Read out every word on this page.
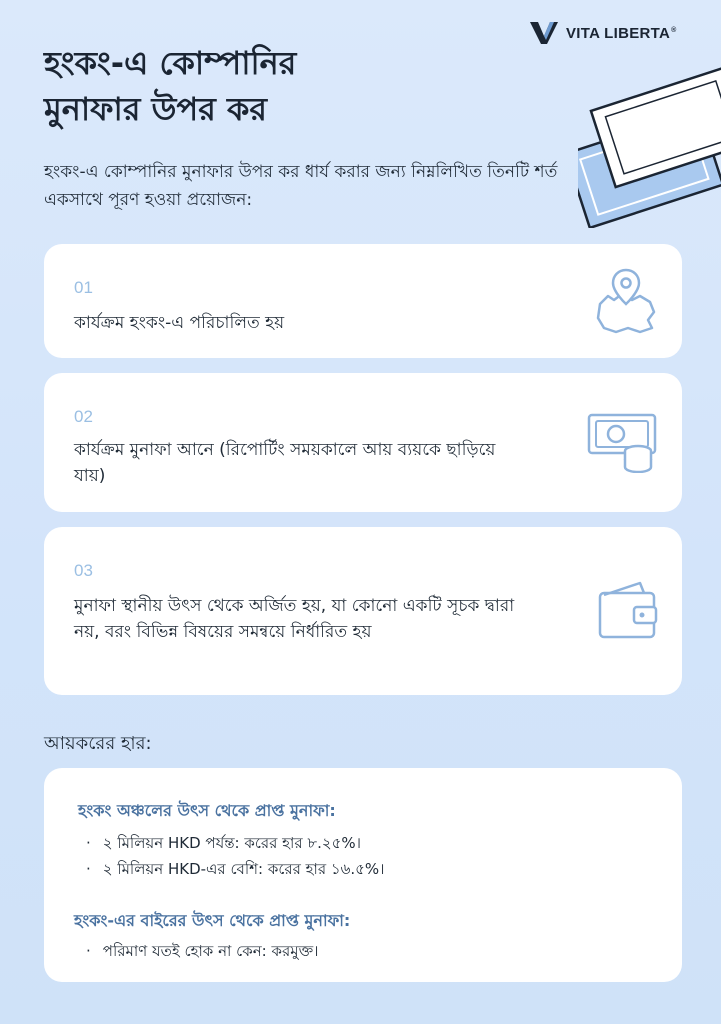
VITA LIBERTA®
হংকং-এ কোম্পানির
মুনাফার উপর কর

হংকং-এ কোম্পানির মুনাফার উপর কর ধার্য করার জন্য নিম্নলিখিত তিনটি শর্ত একসাথে পূরণ হওয়া প্রয়োজন:

01
কার্যক্রম হংকং-এ পরিচালিত হয়
02
কার্যক্রম মুনাফা আনে (রিপোর্টিং সময়কালে আয় ব্যয়কে ছাড়িয়ে যায়)
03
মুনাফা স্থানীয় উৎস থেকে অর্জিত হয়, যা কোনো একটি সূচক দ্বারা নয়, বরং বিভিন্ন বিষয়ের সমন্বয়ে নির্ধারিত হয়
আয়করের হার:
হংকং অঞ্চলের উৎস থেকে প্রাপ্ত মুনাফা:
· ২ মিলিয়ন HKD পর্যন্ত: করের হার ৮.২৫%।
· ২ মিলিয়ন HKD-এর বেশি: করের হার ১৬.৫%।
হংকং-এর বাইরের উৎস থেকে প্রাপ্ত মুনাফা:
· পরিমাণ যতই হোক না কেন: করমুক্ত।
